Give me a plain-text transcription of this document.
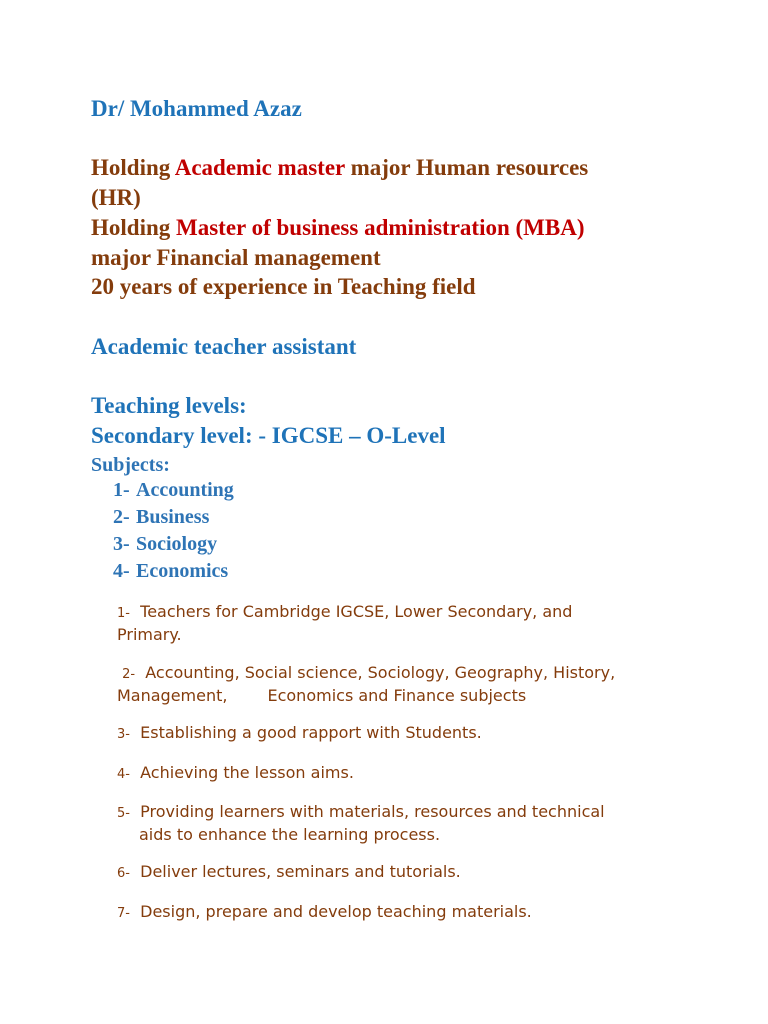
Dr/ Mohammed Azaz
Holding Academic master major Human resources
(HR)
Holding Master of business administration (MBA)
major Financial management
20 years of experience in Teaching field
Academic teacher assistant
Teaching levels:
Secondary level: - IGCSE – O-Level
Subjects:
1- Accounting
2- Business
3- Sociology
4- Economics
1- Teachers for Cambridge IGCSE, Lower Secondary, and
Primary.
2- Accounting, Social science, Sociology, Geography, History,
Management,	Economics and Finance subjects
3- Establishing a good rapport with Students.
4- Achieving the lesson aims.
5- Providing learners with materials, resources and technical
aids to enhance the learning process.
6- Deliver lectures, seminars and tutorials.
7- Design, prepare and develop teaching materials.
